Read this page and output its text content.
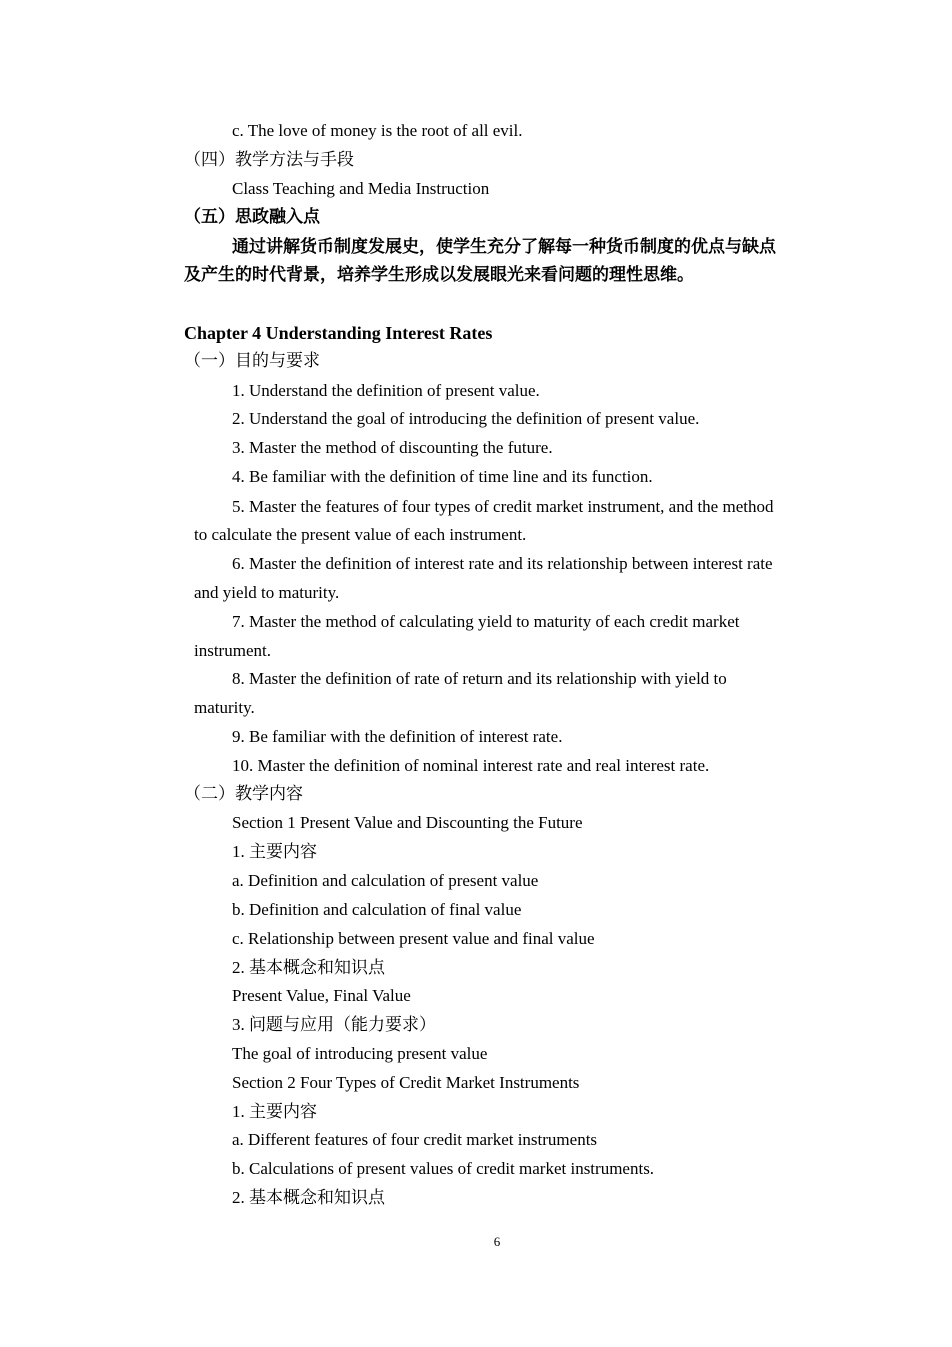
c. The love of money is the root of all evil.
（四）教学方法与手段
Class Teaching and Media Instruction
（五）思政融入点
通过讲解货币制度发展史，使学生充分了解每一种货币制度的优点与缺点
及产生的时代背景，培养学生形成以发展眼光来看问题的理性思维。
Chapter 4 Understanding Interest Rates
（一）目的与要求
1. Understand the definition of present value.
2. Understand the goal of introducing the definition of present value.
3. Master the method of discounting the future.
4. Be familiar with the definition of time line and its function.
5. Master the features of four types of credit market instrument, and the method
to calculate the present value of each instrument.
6. Master the definition of interest rate and its relationship between interest rate
and yield to maturity.
7. Master the method of calculating yield to maturity of each credit market
instrument.
8. Master the definition of rate of return and its relationship with yield to
maturity.
9. Be familiar with the definition of interest rate.
10. Master the definition of nominal interest rate and real interest rate.
（二）教学内容
Section 1 Present Value and Discounting the Future
1. 主要内容
a. Definition and calculation of present value
b. Definition and calculation of final value
c. Relationship between present value and final value
2. 基本概念和知识点
Present Value, Final Value
3. 问题与应用（能力要求）
The goal of introducing present value
Section 2 Four Types of Credit Market Instruments
1. 主要内容
a. Different features of four credit market instruments
b. Calculations of present values of credit market instruments.
2. 基本概念和知识点
6
